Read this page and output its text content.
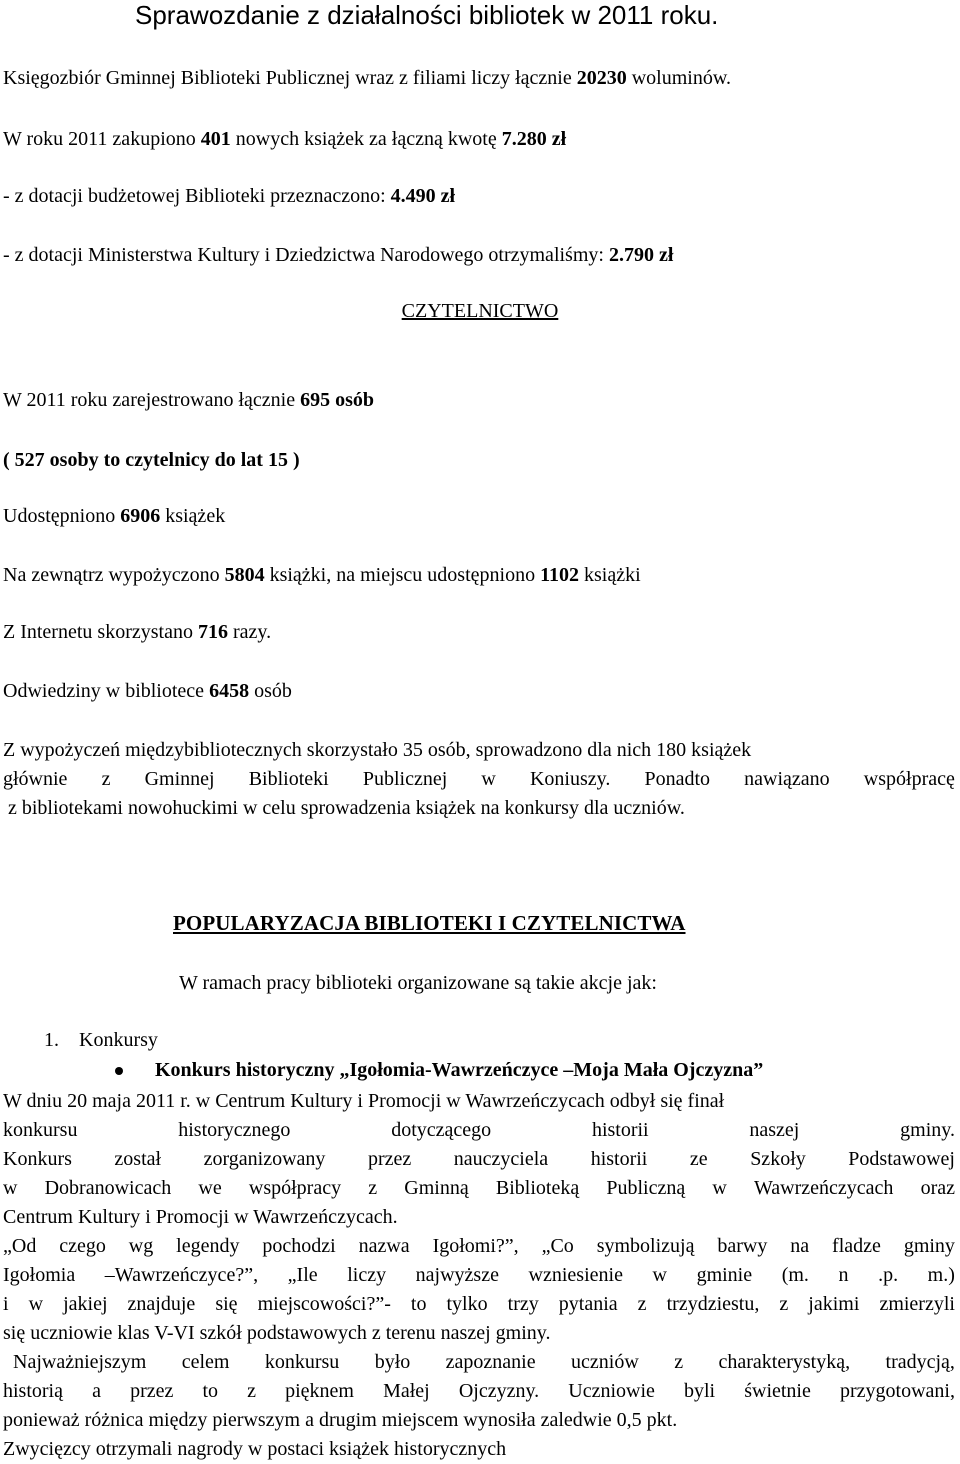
Sprawozdanie z działalności bibliotek w 2011 roku.
Księgozbiór Gminnej Biblioteki Publicznej wraz z filiami liczy łącznie 20230 woluminów.
W roku 2011 zakupiono 401 nowych książek za łączną kwotę 7.280 zł
- z dotacji budżetowej Biblioteki przeznaczono: 4.490 zł
- z dotacji Ministerstwa Kultury i Dziedzictwa Narodowego otrzymaliśmy: 2.790 zł
CZYTELNICTWO
W 2011 roku zarejestrowano łącznie 695 osób
( 527 osoby to czytelnicy do lat 15 )
Udostępniono 6906 książek
Na zewnątrz wypożyczono 5804 książki, na miejscu udostępniono 1102 książki
Z Internetu skorzystano 716 razy.
Odwiedziny w bibliotece 6458 osób
Z wypożyczeń międzybibliotecznych skorzystało 35 osób, sprowadzono dla nich 180 książek
głównie z Gminnej Biblioteki Publicznej w Koniuszy. Ponadto nawiązano współpracę
z bibliotekami nowohuckimi w celu sprowadzenia książek na konkursy dla uczniów.
POPULARYZACJA BIBLIOTEKI I CZYTELNICTWA
W ramach pracy biblioteki organizowane są takie akcje jak:
1. Konkursy
Konkurs historyczny „Igołomia-Wawrzeńczyce –Moja Mała Ojczyzna”
W dniu 20 maja 2011 r. w Centrum Kultury i Promocji w Wawrzeńczycach odbył się finał
konkursu	historycznego	dotyczącego	historii	naszej	gminy.
Konkurs został zorganizowany przez nauczyciela historii ze Szkoły Podstawowej
w Dobranowicach we współpracy z Gminną Biblioteką Publiczną w Wawrzeńczycach oraz
Centrum Kultury i Promocji w Wawrzeńczycach.
„Od czego wg legendy pochodzi nazwa Igołomi?”, „Co symbolizują barwy na fladze gminy
Igołomia –Wawrzeńczyce?”, „Ile liczy najwyższe wzniesienie w gminie (m. n .p. m.)
i w jakiej znajduje się miejscowości?”- to tylko trzy pytania z trzydziestu, z jakimi zmierzyli
się uczniowie klas V-VI szkół podstawowych z terenu naszej gminy.
Najważniejszym celem konkursu było zapoznanie uczniów z charakterystyką, tradycją,
historią a przez to z pięknem Małej Ojczyzny. Uczniowie byli świetnie przygotowani,
ponieważ różnica między pierwszym a drugim miejscem wynosiła zaledwie 0,5 pkt.
Zwycięzcy otrzymali nagrody w postaci książek historycznych
